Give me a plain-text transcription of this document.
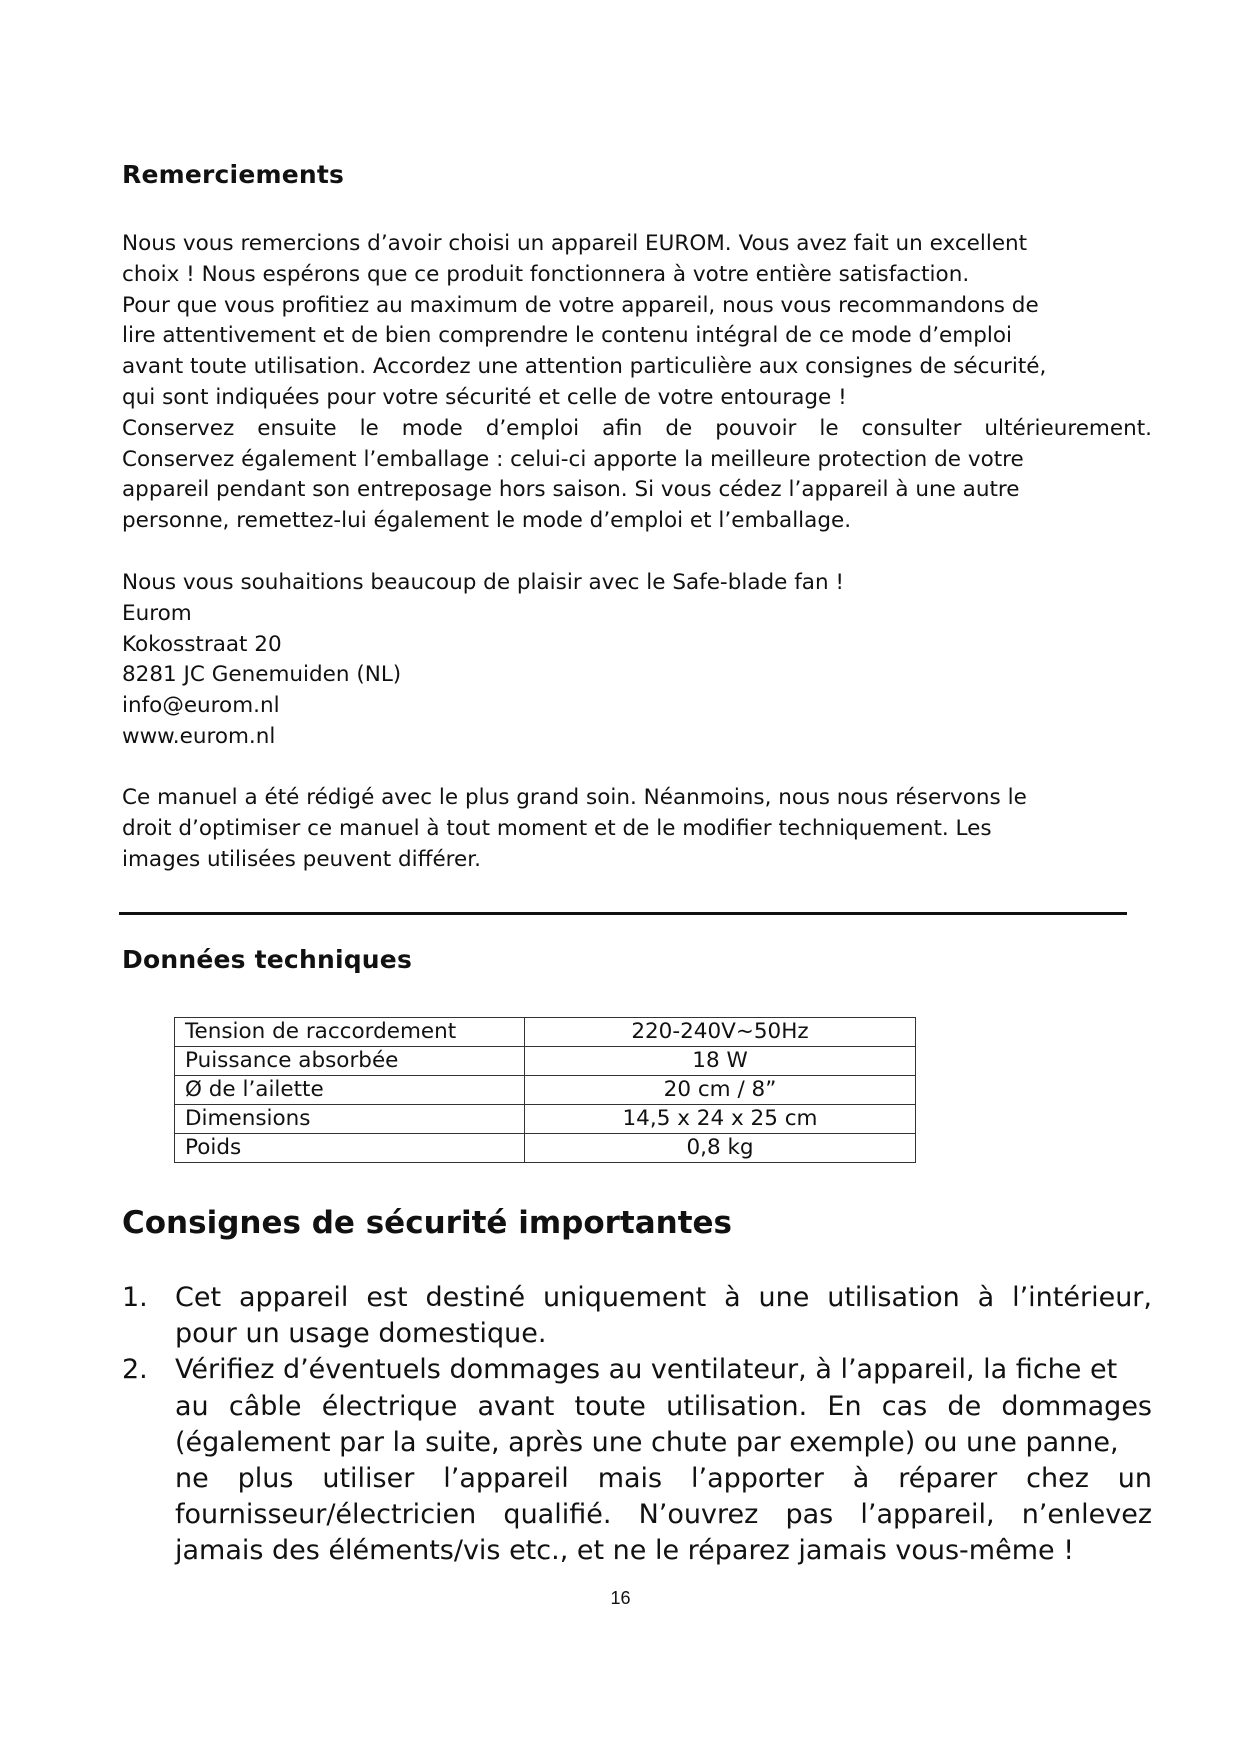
Remerciements

Nous vous remercions d’avoir choisi un appareil EUROM. Vous avez fait un excellent
choix ! Nous espérons que ce produit fonctionnera à votre entière satisfaction.
Pour que vous profitiez au maximum de votre appareil, nous vous recommandons de
lire attentivement et de bien comprendre le contenu intégral de ce mode d’emploi
avant toute utilisation. Accordez une attention particulière aux consignes de sécurité,
qui sont indiquées pour votre sécurité et celle de votre entourage !
Conservez ensuite le mode d’emploi afin de pouvoir le consulter ultérieurement.
Conservez également l’emballage : celui-ci apporte la meilleure protection de votre
appareil pendant son entreposage hors saison. Si vous cédez l’appareil à une autre
personne, remettez-lui également le mode d’emploi et l’emballage.

Nous vous souhaitions beaucoup de plaisir avec le Safe-blade fan !
Eurom
Kokosstraat 20
8281 JC Genemuiden (NL)
info@eurom.nl
www.eurom.nl

Ce manuel a été rédigé avec le plus grand soin. Néanmoins, nous nous réservons le
droit d’optimiser ce manuel à tout moment et de le modifier techniquement. Les
images utilisées peuvent différer.

Données techniques
Tension de raccordement	220-240V~50Hz
Puissance absorbée	18 W
Ø de l’ailette	20 cm / 8”
Dimensions	14,5 x 24 x 25 cm
Poids	0,8 kg
Consignes de sécurité importantes
1. Cet appareil est destiné uniquement à une utilisation à l’intérieur,
pour un usage domestique.
2. Vérifiez d’éventuels dommages au ventilateur, à l’appareil, la fiche et
au câble électrique avant toute utilisation. En cas de dommages
(également par la suite, après une chute par exemple) ou une panne,
ne plus utiliser l’appareil mais l’apporter à réparer chez un
fournisseur/électricien qualifié. N’ouvrez pas l’appareil, n’enlevez
jamais des éléments/vis etc., et ne le réparez jamais vous-même !
16
